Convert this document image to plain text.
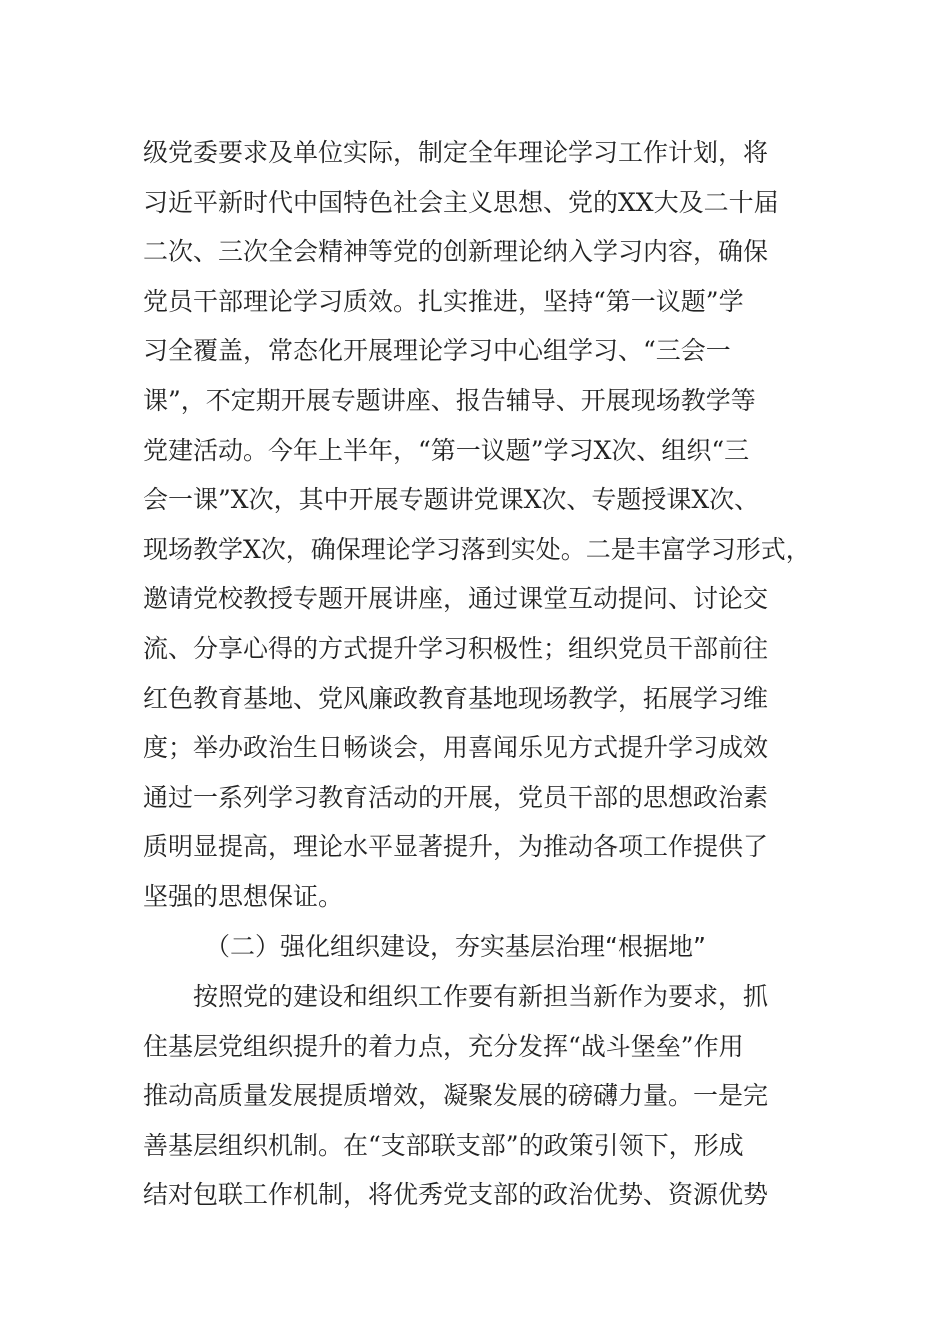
级党委要求及单位实际，制定全年理论学习工作计划，将
习近平新时代中国特色社会主义思想、党的XX大及二十届
二次、三次全会精神等党的创新理论纳入学习内容，确保
党员干部理论学习质效。扎实推进，坚持“第一议题”学
习全覆盖，常态化开展理论学习中心组学习、“三会一
课”，不定期开展专题讲座、报告辅导、开展现场教学等
党建活动。今年上半年，“第一议题”学习X次、组织“三
会一课”X次，其中开展专题讲党课X次、专题授课X次、
现场教学X次，确保理论学习落到实处。二是丰富学习形式，
邀请党校教授专题开展讲座，通过课堂互动提问、讨论交
流、分享心得的方式提升学习积极性；组织党员干部前往
红色教育基地、党风廉政教育基地现场教学，拓展学习维
度；举办政治生日畅谈会，用喜闻乐见方式提升学习成效
通过一系列学习教育活动的开展，党员干部的思想政治素
质明显提高，理论水平显著提升，为推动各项工作提供了
坚强的思想保证。
（二）强化组织建设，夯实基层治理“根据地”
　　按照党的建设和组织工作要有新担当新作为要求，抓
住基层党组织提升的着力点，充分发挥“战斗堡垒”作用
推动高质量发展提质增效，凝聚发展的磅礴力量。一是完
善基层组织机制。在“支部联支部”的政策引领下，形成
结对包联工作机制，将优秀党支部的政治优势、资源优势
